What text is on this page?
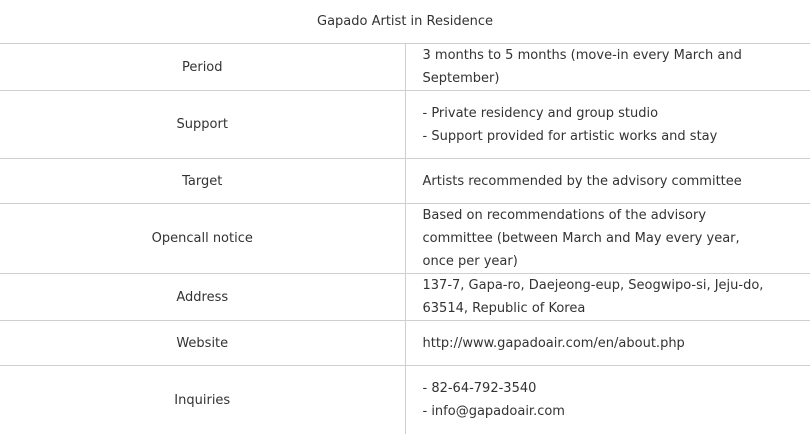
Gapado Artist in Residence	
Period	3 months to 5 months (move-in every March and September)

Support	- Private residency and group studio
- Support provided for artistic works and stay

Target	Artists recommended by the advisory committee

Opencall notice	Based on recommendations of the advisory committee (between March and May every year, once per year)

Address	137-7, Gapa-ro, Daejeong-eup, Seogwipo-si, Jeju-do, 63514, Republic of Korea

Website	http://www.gapadoair.com/en/about.php

Inquiries	- 82-64-792-3540
- info@gapadoair.com
